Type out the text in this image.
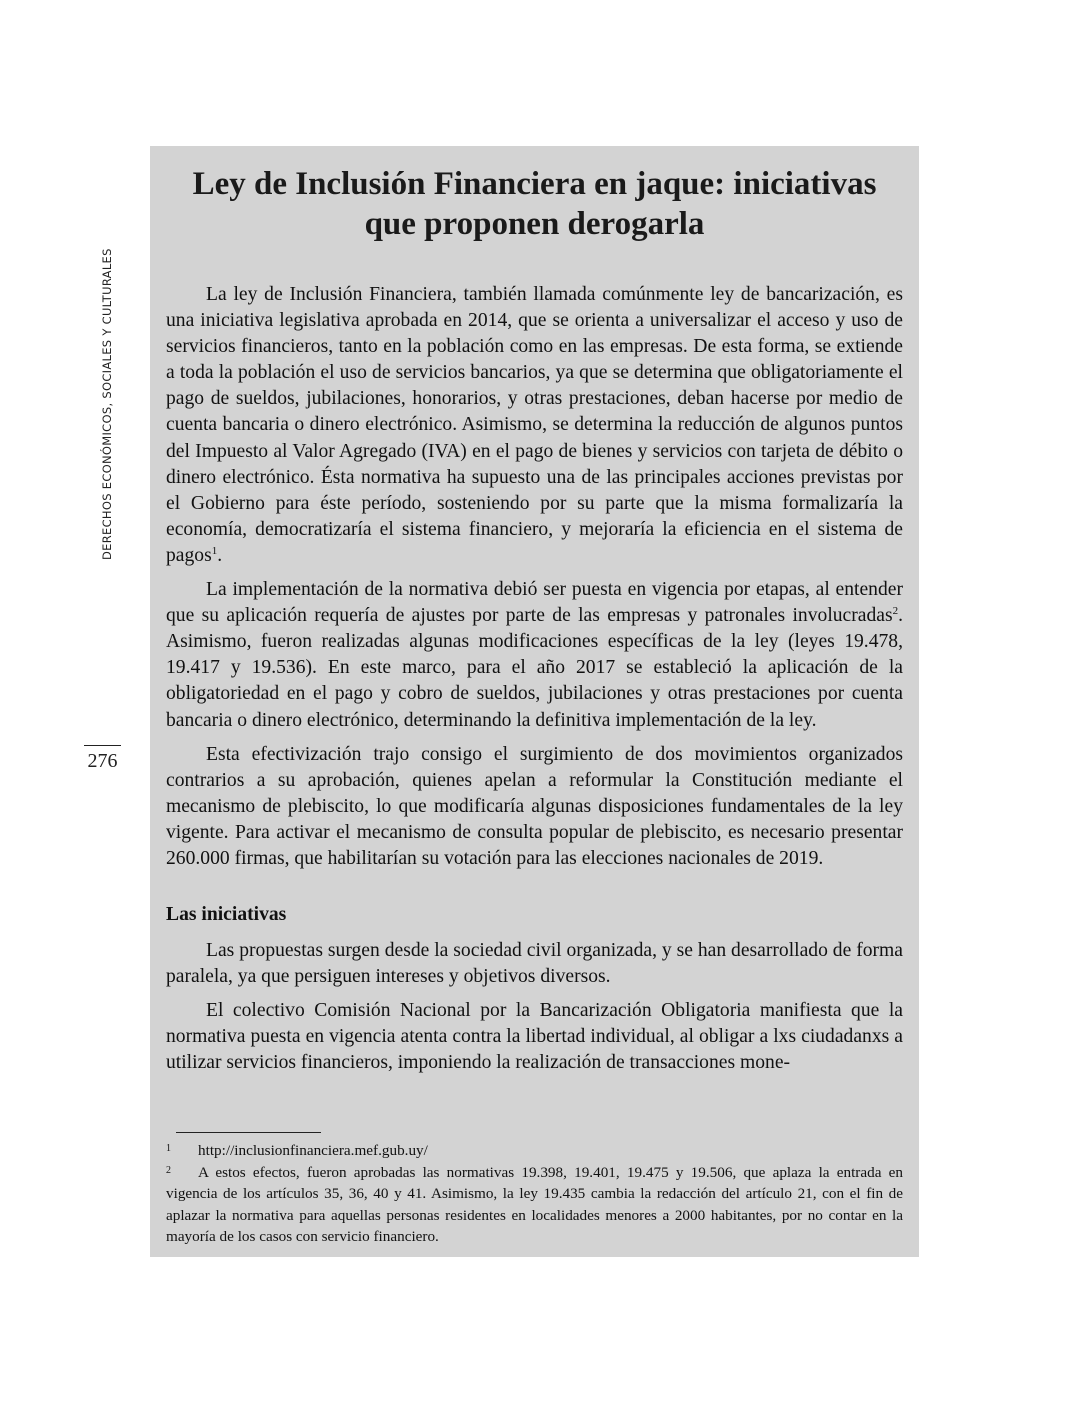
DERECHOS ECONÓMICOS, SOCIALES Y CULTURALES
276
Ley de Inclusión Financiera en jaque: iniciativas que proponen derogarla

La ley de Inclusión Financiera, también llamada comúnmente ley de bancarización, es una iniciativa legislativa aprobada en 2014, que se orienta a universalizar el acceso y uso de servicios financieros, tanto en la población como en las empresas. De esta forma, se extiende a toda la población el uso de servicios bancarios, ya que se determina que obligatoriamente el pago de sueldos, jubilaciones, honorarios, y otras prestaciones, deban hacerse por medio de cuenta bancaria o dinero electrónico. Asimismo, se determina la reducción de algunos puntos del Impuesto al Valor Agregado (IVA) en el pago de bienes y servicios con tarjeta de débito o dinero electrónico. Ésta normativa ha supuesto una de las principales acciones previstas por el Gobierno para éste período, sosteniendo por su parte que la misma formalizaría la economía, democratizaría el sistema financiero, y mejoraría la eficiencia en el sistema de pagos$^1$.

La implementación de la normativa debió ser puesta en vigencia por etapas, al entender que su aplicación requería de ajustes por parte de las empresas y patronales involucradas$^2$. Asimismo, fueron realizadas algunas modificaciones específicas de la ley (leyes 19.478, 19.417 y 19.536). En este marco, para el año 2017 se estableció la aplicación de la obligatoriedad en el pago y cobro de sueldos, jubilaciones y otras prestaciones por cuenta bancaria o dinero electrónico, determinando la definitiva implementación de la ley.

Esta efectivización trajo consigo el surgimiento de dos movimientos organizados contrarios a su aprobación, quienes apelan a reformular la Constitución mediante el mecanismo de plebiscito, lo que modificaría algunas disposiciones fundamentales de la ley vigente. Para activar el mecanismo de consulta popular de plebiscito, es necesario presentar 260.000 firmas, que habilitarían su votación para las elecciones nacionales de 2019.

Las iniciativas

Las propuestas surgen desde la sociedad civil organizada, y se han desarrollado de forma paralela, ya que persiguen intereses y objetivos diversos.

El colectivo Comisión Nacional por la Bancarización Obligatoria manifiesta que la normativa puesta en vigencia atenta contra la libertad individual, al obligar a lxs ciudadanxs a utilizar servicios financieros, imponiendo la realización de transacciones mone-

1 http://inclusionfinanciera.mef.gub.uy/

2 A estos efectos, fueron aprobadas las normativas 19.398, 19.401, 19.475 y 19.506, que aplaza la entrada en vigencia de los artículos 35, 36, 40 y 41. Asimismo, la ley 19.435 cambia la redacción del artículo 21, con el fin de aplazar la normativa para aquellas personas residentes en localidades menores a 2000 habitantes, por no contar en la mayoría de los casos con servicio financiero.
